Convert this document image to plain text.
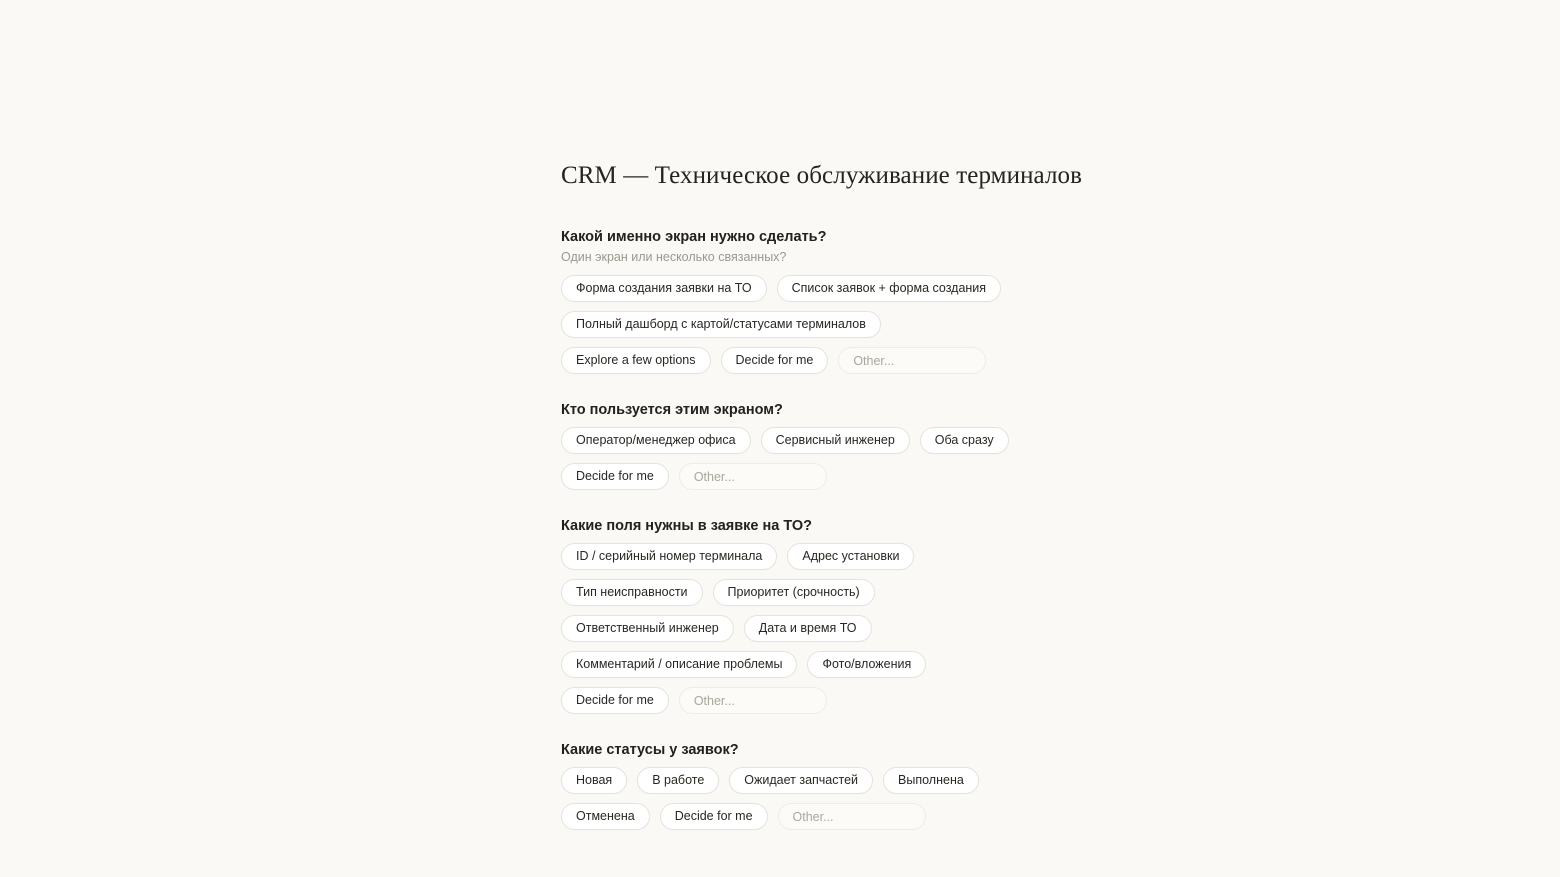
CRM — Техническое обслуживание терминалов
Какой именно экран нужно сделать?
Один экран или несколько связанных?
Форма создания заявки на ТО	Список заявок + форма создания
Полный дашборд с картой/статусами терминалов
Explore a few options	Decide for me
Other...
Кто пользуется этим экраном?
Оператор/менеджер офиса	Сервисный инженер	Оба сразу
Decide for me
Other...
Какие поля нужны в заявке на ТО?
ID / серийный номер терминала	Адрес установки
Тип неисправности	Приоритет (срочность)
Ответственный инженер	Дата и время ТО
Комментарий / описание проблемы	Фото/вложения
Decide for me
Other...
Какие статусы у заявок?
Новая	В работе	Ожидает запчастей	Выполнена
Отменена	Decide for me
Other...
